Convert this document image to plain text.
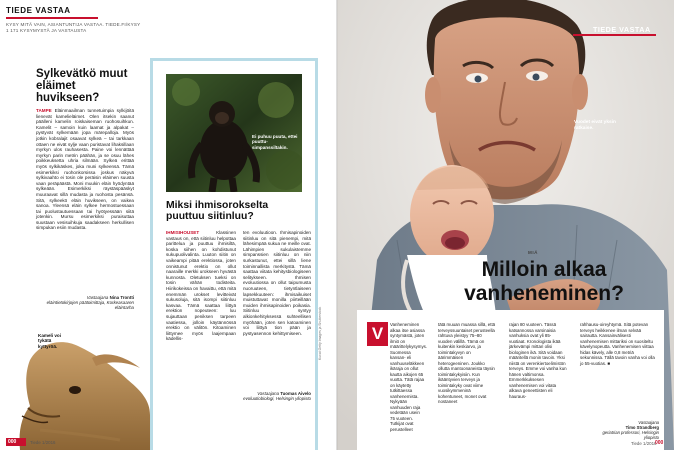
TIEDE VASTAA
KYSY MITÄ VAIN, ASIANTUNTIJA VASTAA. TIEDE.FI/KYSY
1 171 KYSYMYSTÄ JA VASTAUSTA
Sylkevätkö muut eläimet huvikseen?
TAMPE Eläinmaailman tunnetuimpia sylkijöitä lienevät kamelieläimet. Olen itsekin saanut päälleni kamelin roiskaiseman ruohosuihkun. Kamelit – samoin kuin laamat ja alpakat – pystyvät sylkemään jopa märepalloja. Myös jotkin kobralajit osaavat sylkeä – tai tarkkaan ottaen ne eivät sylje vaan puristavat lihaksillaan myrkyn ulos rauhasesta. Paine voi lennättää myrkyn parin metrin päähän, ja se osuu lähes poikkeuksetta uhria silmään. Sylkeä erittää myös sylkikäskes, joka muni sylkeensä. Tämä esimerkiksi ruohonkorsissa joskus näkyvä sylkivaahto ei tosin ole peräisin eläimen suusta vaan peräpäästä. Moni muukin eläin hyödyntää sylkeään. Esimerkiksi räystäspääskyt muuraavat sillä mudasta ja ruohosta pesänsä. Sitä, sylkeekö eläin huvikseen, on vaikea sanoa. Yleensä eläin sylkee hermostuessaan tai puolustautuessaan tai hyötyessään siitä jotenkin. Mursu esimerkiksi puraisuttaa suustaan vesisuihkuja saadakseen herkullisen simpukan esiin mudasta.
Vastaajana Nina Trontti
eläintietokirjojen päätoimittaja, Korkeasaaren eläintarha
Kameli voi tykätä kyttyröä.
Ei puhuu puuta, ettei puuttu-simpanssiltakin.
Miksi ihmisorokselta puuttuu siitinluu?
IHMISIHOUSET	Klassinen vastaus on, että siitinluu helpottaa parittelua ja puuttuu ihmisiltä, koska siihen on kohdistunut sukupuolivalinta. Luuton siitin on vaikeampi pitää erektiossa, joten onnistunut erektio on ollut naaraille merkki urokseen hyvästä kunnosta. Oletuksen tueksi on tosin vähän todisteita. Hiirikokeissa on havaittu, että mitä enemmän urokset levitteivät sukusoluja, sitä isompi siitinluu kasvaa. Tämä saattaa liittyä erektion nopeuteen: luu sujauttaan peniksen tarpeen vaatiessa, jolloin käytännössä erektio on välitön. Kitoaminen liittymee myös laajempaan kädellis-
ten evoluutioon. Ihmisapinoiden siitinluu on sitä pienempi, mitä lähesimpää sukua ne meille ovat. Lähimpien sukulaistemme simpanssien siitinluu on niin surkastunut, ettei sillä liene toiminnallista merkitystä. Tämä saattaa viitata kehitysbiologiseen selitykseen. Ihmisen evoluutiossa on ollut taipumusta nuoruuteen, tietyntlaiseen lapsekkuuteen: ihmisaikuiset muistuttavat monilla piirteillään muiden ihmisapinoiden poikasia. Siitinluu syntyy alkionkehityksessä suhteellisen myöhään, joten sen katoaminen voi liittyä tion pään ja pystyasennon kehittymiseen.
Vastaajana Tuomas Aivelo
evoluutiobiologi, Helsingin yliopisto
Kuvat Getty Images ja Shutterstock
000	Tiede 1/2016
TIEDE VASTAA
Vuodet eivät yksin ratkaise.
MIÄ
Milloin alkaa vanheneminen?
V	Vanheneminen alkaa itse asiassa syntymästä, joten ilmiö on määrittelykysymys. Suomessa kansan- eli vanhuuseläkkeen ikäraja on ollut kautta aikojen 65 vuotta. Tätä rajaa on käytetty tutkittaessa vanhenemista. Nykyään vanhuuden raja vedetään usein 75 vuoteen. Tutkijat ovat perustelleet
tätä muuan muassa sillä, että terveyssuuntaiset perusteella rahtuva yleistyy 75–80 vuoden välillä. Tämä on kuitenkin keskiarvo, ja toimintakyvyn on äärimmäisen heterogeeninen. Joukko ollutta mantoonaneista täysin toimintakykyisiin. Kun ikääntyvien terveys ja toimintakyky ovat viime vuosikymmeninä kohentuneet, monet ovat nostaneet
rajan 80 vuoteen. Tässä katsannossa varsinaisia vanhuksia ovat yli 85-vuotiaat. Kronologista ikää järkevämpi mittari olisi biologinen ikä. Sitä voidaan määritellä monin tavoin. Yksi niistä on verenkiertoelimistön terveys. Emme voi vanha kun hänen valtimonsa. Emmerkkuksesen vanhenemisen voi vitata alkava geneettisten eli hauraus-
rahhausu-oireyhtymä. Sitä potevan terveys heikkenee ilman selvää sairautta. Kansainvälisesti vanhenemisen mittariksi on suositeltu kävelynopeutta. Vanhenemisen viittaa hidas kävely, alle 0,8 metriä sekunnissa. Tällä tavoin vanha voi olla jo 55-vuotias. ■
Vastaajana
Timo Strandberg
geriatrian professori, Helsingin yliopisto
Tiede 1/2016
000
